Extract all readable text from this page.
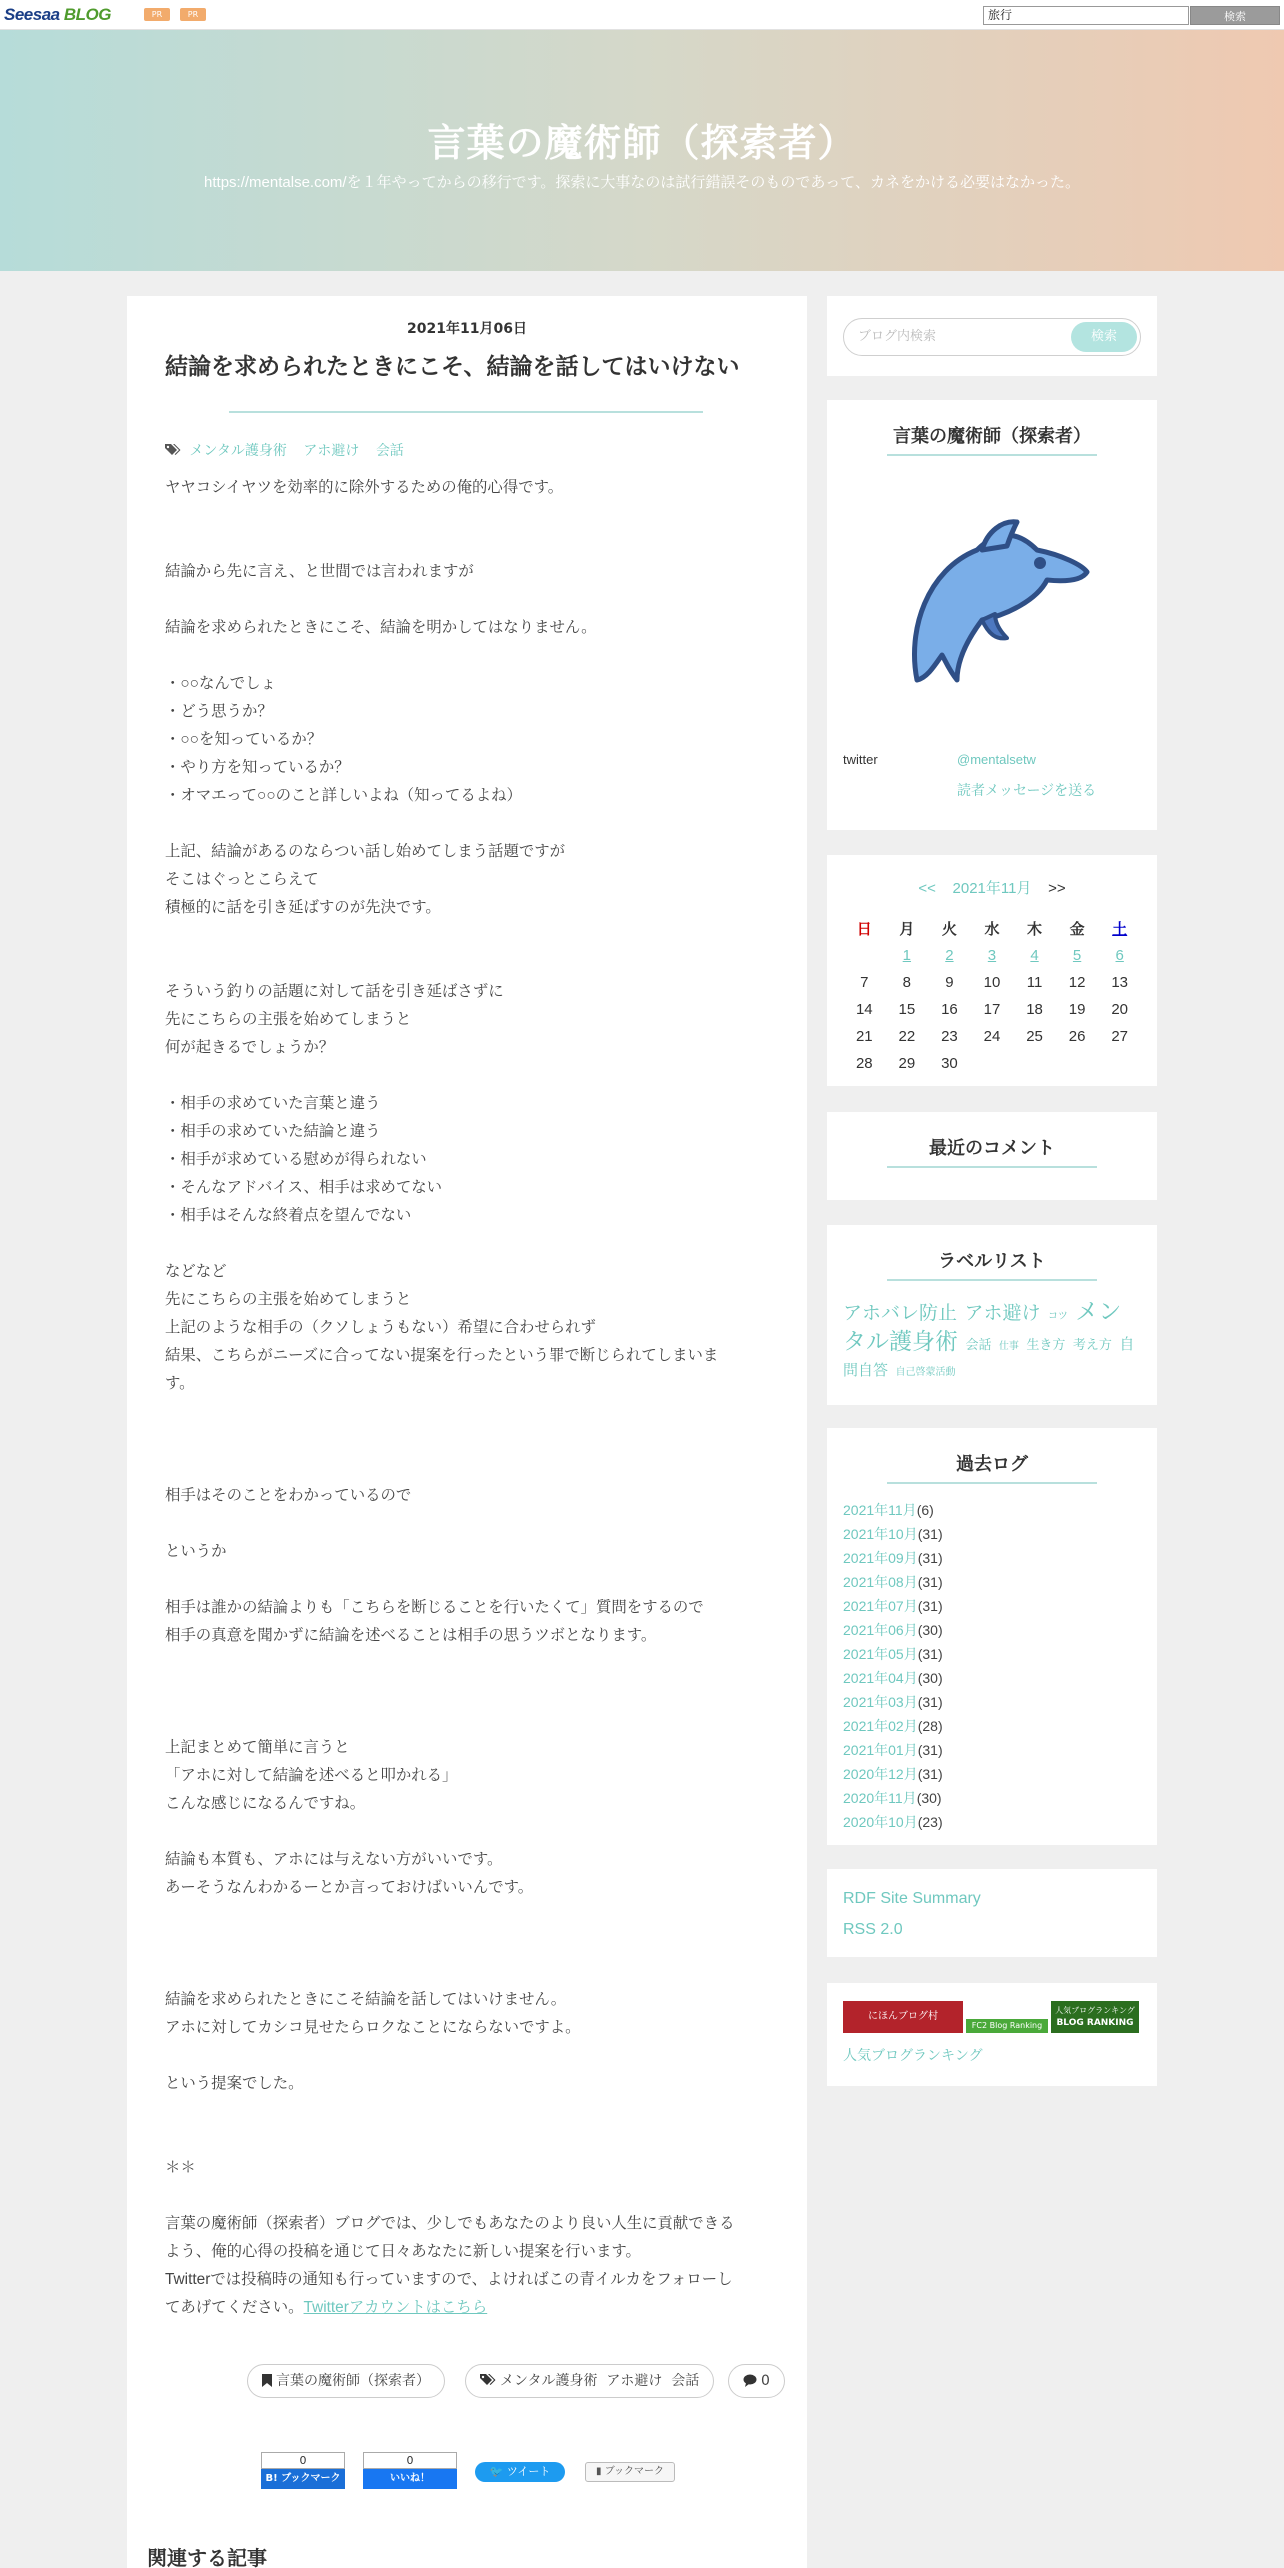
Seesaa BLOG	PR	PR	旅行	検索
言葉の魔術師（探索者）
https://mentalse.com/を１年やってからの移行です。探索に大事なのは試行錯誤そのものであって、カネをかける必要はなかった。
2021年11月06日
結論を求められたときにこそ、結論を話してはいけない
メンタル護身術 アホ避け 会話

ヤヤコシイヤツを効率的に除外するための俺的心得です。
結論から先に言え、と世間では言われますが
結論を求められたときにこそ、結論を明かしてはなりません。
・○○なんでしょ
・どう思うか？
・○○を知っているか？
・やり方を知っているか？
・オマエって○○のこと詳しいよね（知ってるよね）
上記、結論があるのならつい話し始めてしまう話題ですが
そこはぐっとこらえて
積極的に話を引き延ばすのが先決です。
そういう釣りの話題に対して話を引き延ばさずに
先にこちらの主張を始めてしまうと
何が起きるでしょうか？
・相手の求めていた言葉と違う
・相手の求めていた結論と違う
・相手が求めている慰めが得られない
・そんなアドバイス、相手は求めてない
・相手はそんな終着点を望んでない
などなど
先にこちらの主張を始めてしまうと
上記のような相手の（クソしょうもない）希望に合わせられず
結果、こちらがニーズに合ってない提案を行ったという罪で断じられてしまいま
す。
相手はそのことをわかっているので
というか
相手は誰かの結論よりも「こちらを断じることを行いたくて」質問をするので
相手の真意を聞かずに結論を述べることは相手の思うツボとなります。
上記まとめて簡単に言うと
「アホに対して結論を述べると叩かれる」
こんな感じになるんですね。
結論も本質も、アホには与えない方がいいです。
あーそうなんわかるーとか言っておけばいいんです。
結論を求められたときにこそ結論を話してはいけません。
アホに対してカシコ見せたらロクなことにならないですよ。
という提案でした。
＊＊
言葉の魔術師（探索者）ブログでは、少しでもあなたのより良い人生に貢献できる
よう、俺的心得の投稿を通じて日々あなたに新しい提案を行います。
Twitterでは投稿時の通知も行っていますので、よければこの青イルカをフォローし

てあげてください。Twitterアカウントはこちら

言葉の魔術師（探索者）	メンタル護身術  アホ避け  会話	0
0
B! ブックマーク
0
いいね！
🐦 ツイート	▮ ブックマーク
関連する記事
ブログ内検索	検索
言葉の魔術師（探索者）
twitter	@mentalsetw
読者メッセージを送る
<< 2021年11月 >>
日	月	火	水	木	金	土
	1	2	3	4	5	6
7	8	9	10	11	12	13
14	15	16	17	18	19	20
21	22	23	24	25	26	27
28	29	30				
最近のコメント
ラベルリスト
アホバレ防止 アホ避け コツ メンタル護身術 会話 仕事 生き方 考え方 自問自答 自己啓蒙活動
過去ログ
2021年11月(6)
2021年10月(31)
2021年09月(31)
2021年08月(31)
2021年07月(31)
2021年06月(30)
2021年05月(31)
2021年04月(30)
2021年03月(31)
2021年02月(28)
2021年01月(31)
2020年12月(31)
2020年11月(30)
2020年10月(23)
RDF Site Summary
RSS 2.0
にほんブログ村
FC2 Blog Ranking
人気ブログランキング
BLOG RANKING
人気ブログランキング
